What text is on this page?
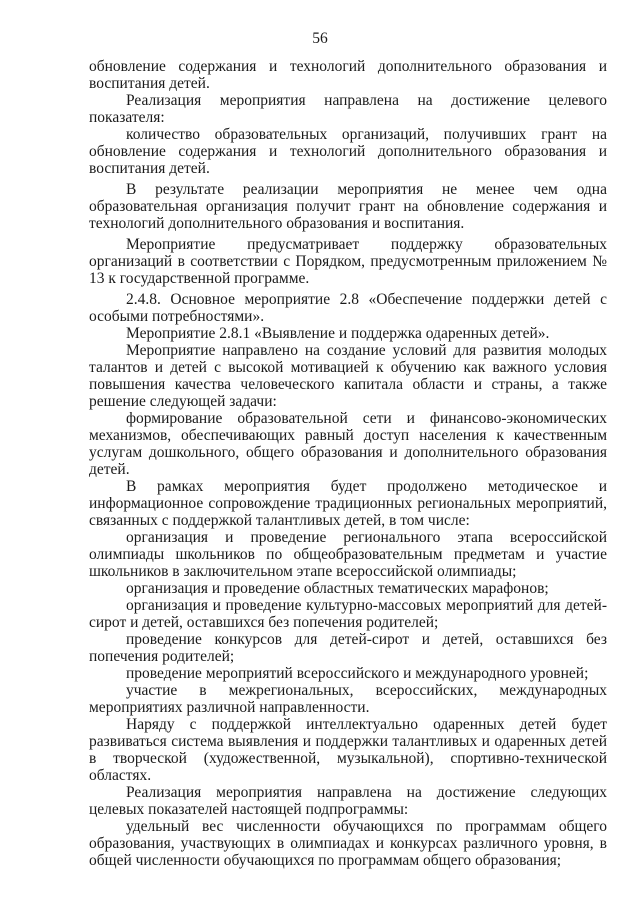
56

обновление содержания и технологий дополнительного образования и воспитания детей.

Реализация мероприятия направлена на достижение целевого показателя:

количество образовательных организаций, получивших грант на обновление содержания и технологий дополнительного образования и воспитания детей.

В результате реализации мероприятия не менее чем одна образовательная организация получит грант на обновление содержания и технологий дополнительного образования и воспитания.

Мероприятие предусматривает поддержку образовательных организаций в соответствии с Порядком, предусмотренным приложением № 13 к государственной программе.

2.4.8. Основное мероприятие 2.8 «Обеспечение поддержки детей с особыми потребностями».

Мероприятие 2.8.1 «Выявление и поддержка одаренных детей».

Мероприятие направлено на создание условий для развития молодых талантов и детей с высокой мотивацией к обучению как важного условия повышения качества человеческого капитала области и страны, а также решение следующей задачи:

формирование образовательной сети и финансово-экономических механизмов, обеспечивающих равный доступ населения к качественным услугам дошкольного, общего образования и дополнительного образования детей.

В рамках мероприятия будет продолжено методическое и информационное сопровождение традиционных региональных мероприятий, связанных с поддержкой талантливых детей, в том числе:

организация и проведение регионального этапа всероссийской олимпиады школьников по общеобразовательным предметам и участие школьников в заключительном этапе всероссийской олимпиады;

организация и проведение областных тематических марафонов;

организация и проведение культурно-массовых мероприятий для детей-сирот и детей, оставшихся без попечения родителей;

проведение конкурсов для детей-сирот и детей, оставшихся без попечения родителей;

проведение мероприятий всероссийского и международного уровней;

участие в межрегиональных, всероссийских, международных мероприятиях различной направленности.

Наряду с поддержкой интеллектуально одаренных детей будет развиваться система выявления и поддержки талантливых и одаренных детей в творческой (художественной, музыкальной), спортивно-технической областях.

Реализация мероприятия направлена на достижение следующих целевых показателей настоящей подпрограммы:

удельный вес численности обучающихся по программам общего образования, участвующих в олимпиадах и конкурсах различного уровня, в общей численности обучающихся по программам общего образования;
